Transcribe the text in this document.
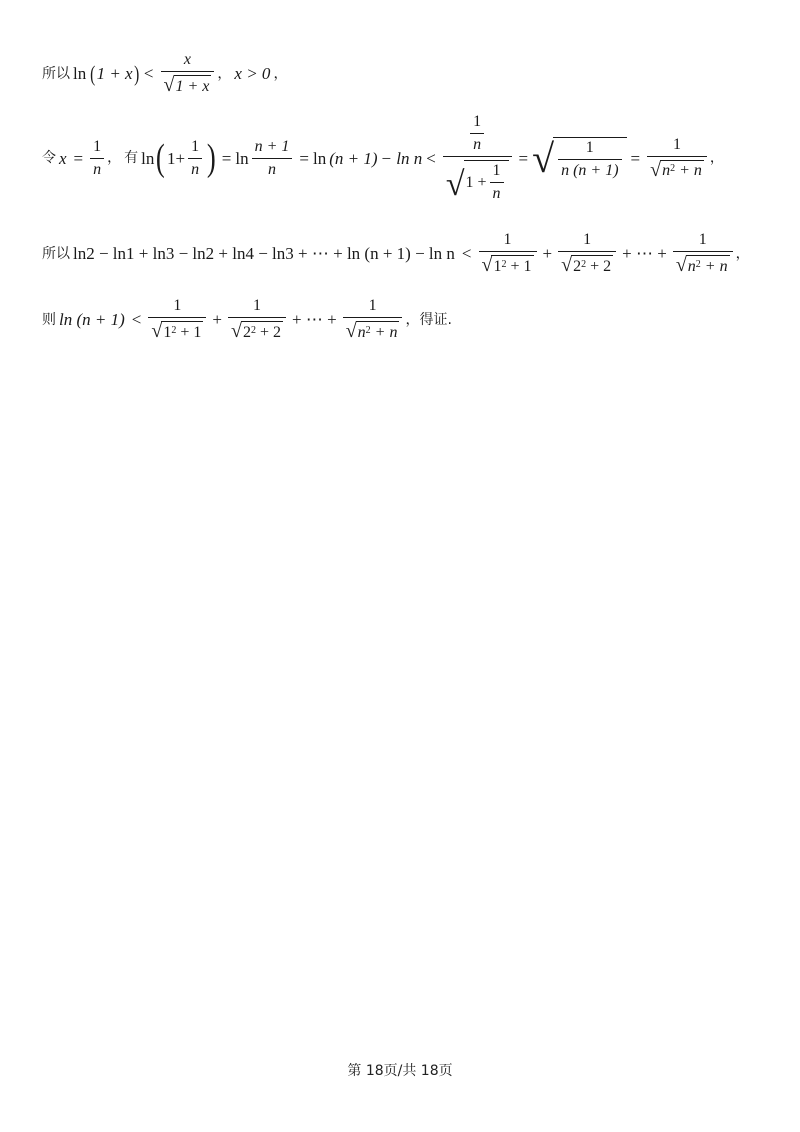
所以 ln ( 1 + x ) < $\frac{x}{√ 1 + x}$ ， x > 0 ，
令 $x = \frac{1}{n}$ ， 有 ln ( $1+ \frac{1}{n}$ ) = $\ln \frac{n + 1}{n} = \ln (n + 1) - \ln n$ <
$\frac{1}{n}$
√ $1 + \frac{1}{n}$
= √ $\frac{1}{n (n + 1)} = 1$
√ n 2
+ n ，
所以 ln2 − ln1 + ln3 − ln2 + ln4 − ln3 + ⋯ + ln (n + 1) − ln n < 1
√ 1 2
+ 1 + 1
√ 2 2
+ 2 + ⋯ + 1
√ n 2
+ n ，
则 ln (n + 1) < 1
√ 1 2
+ 1 + 1
√ 2 2
+ 2 + ⋯ + 1
√ n 2
+ n ，得证.
第 18页/共 18页
